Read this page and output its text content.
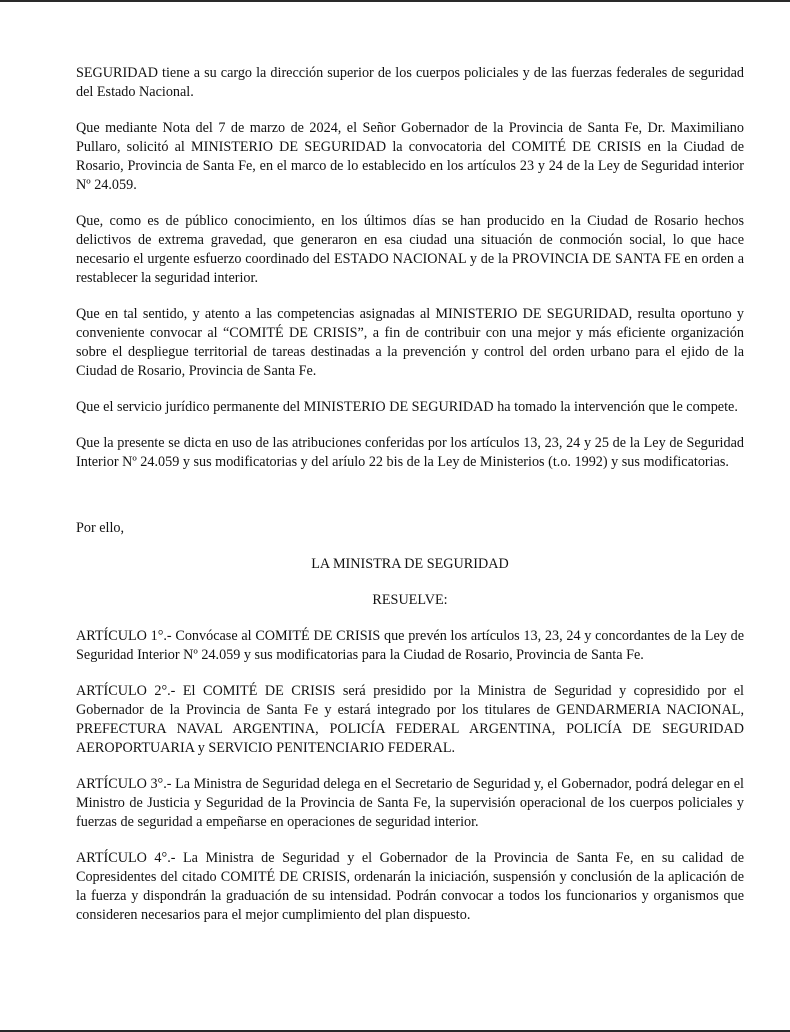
SEGURIDAD tiene a su cargo la dirección superior de los cuerpos policiales y de las fuerzas federales de seguridad del Estado Nacional.

Que mediante Nota del 7 de marzo de 2024, el Señor Gobernador de la Provincia de Santa Fe, Dr. Maximiliano Pullaro, solicitó al MINISTERIO DE SEGURIDAD la convocatoria del COMITÉ DE CRISIS en la Ciudad de Rosario, Provincia de Santa Fe, en el marco de lo establecido en los artículos 23 y 24 de la Ley de Seguridad interior Nº 24.059.

Que, como es de público conocimiento, en los últimos días se han producido en la Ciudad de Rosario hechos delictivos de extrema gravedad, que generaron en esa ciudad una situación de conmoción social, lo que hace necesario el urgente esfuerzo coordinado del ESTADO NACIONAL y de la PROVINCIA DE SANTA FE en orden a restablecer la seguridad interior.

Que en tal sentido, y atento a las competencias asignadas al MINISTERIO DE SEGURIDAD, resulta oportuno y conveniente convocar al “COMITÉ DE CRISIS”, a fin de contribuir con una mejor y más eficiente organización sobre el despliegue territorial de tareas destinadas a la prevención y control del orden urbano para el ejido de la Ciudad de Rosario, Provincia de Santa Fe.

Que el servicio jurídico permanente del MINISTERIO DE SEGURIDAD ha tomado la intervención que le compete.

Que la presente se dicta en uso de las atribuciones conferidas por los artículos 13, 23, 24 y 25 de la Ley de Seguridad Interior Nº 24.059 y sus modificatorias y del aríulo 22 bis de la Ley de Ministerios (t.o. 1992) y sus modificatorias.

Por ello,

LA MINISTRA DE SEGURIDAD

RESUELVE:

ARTÍCULO 1°.- Convócase al COMITÉ DE CRISIS que prevén los artículos 13, 23, 24 y concordantes de la Ley de Seguridad Interior Nº 24.059 y sus modificatorias para la Ciudad de Rosario, Provincia de Santa Fe.

ARTÍCULO 2°.- El COMITÉ DE CRISIS será presidido por la Ministra de Seguridad y copresidido por el Gobernador de la Provincia de Santa Fe y estará integrado por los titulares de GENDARMERIA NACIONAL, PREFECTURA NAVAL ARGENTINA, POLICÍA FEDERAL ARGENTINA, POLICÍA DE SEGURIDAD AEROPORTUARIA y SERVICIO PENITENCIARIO FEDERAL.

ARTÍCULO 3°.- La Ministra de Seguridad delega en el Secretario de Seguridad y, el Gobernador, podrá delegar en el Ministro de Justicia y Seguridad de la Provincia de Santa Fe, la supervisión operacional de los cuerpos policiales y fuerzas de seguridad a empeñarse en operaciones de seguridad interior.

ARTÍCULO 4°.- La Ministra de Seguridad y el Gobernador de la Provincia de Santa Fe, en su calidad de Copresidentes del citado COMITÉ DE CRISIS, ordenarán la iniciación, suspensión y conclusión de la aplicación de la fuerza y dispondrán la graduación de su intensidad. Podrán convocar a todos los funcionarios y organismos que consideren necesarios para el mejor cumplimiento del plan dispuesto.
